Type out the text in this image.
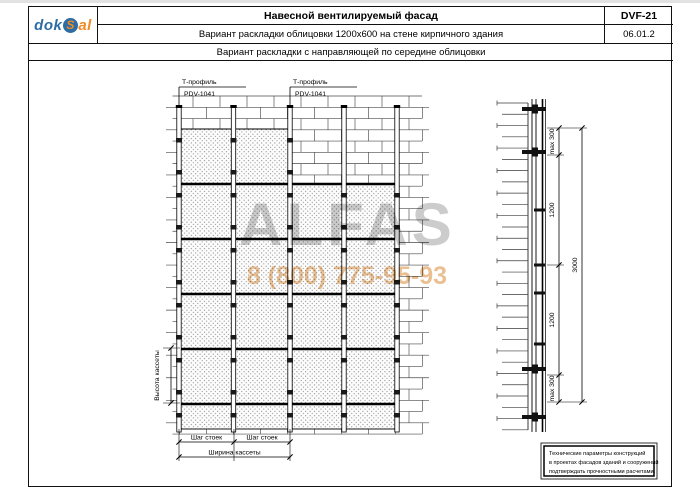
dok S al
Навесной вентилируемый фасад	DVF-21
Вариант раскладки облицовки 1200х600 на стене кирпичного здания	06.01.2
Вариант раскладки с направляющей по середине облицовки
Т-профиль
PDV-1041
Т-профиль
PDV-1041
Высота кассеты
Шаг стоек	Шаг стоек
Ширина кассеты
max 300
1200
1200
max 300
3000
Технические параметры конструкций
в проектах фасадов зданий и сооружений
подтверждать прочностными расчетами.
ALFAS
8 (800) 775-95-93
